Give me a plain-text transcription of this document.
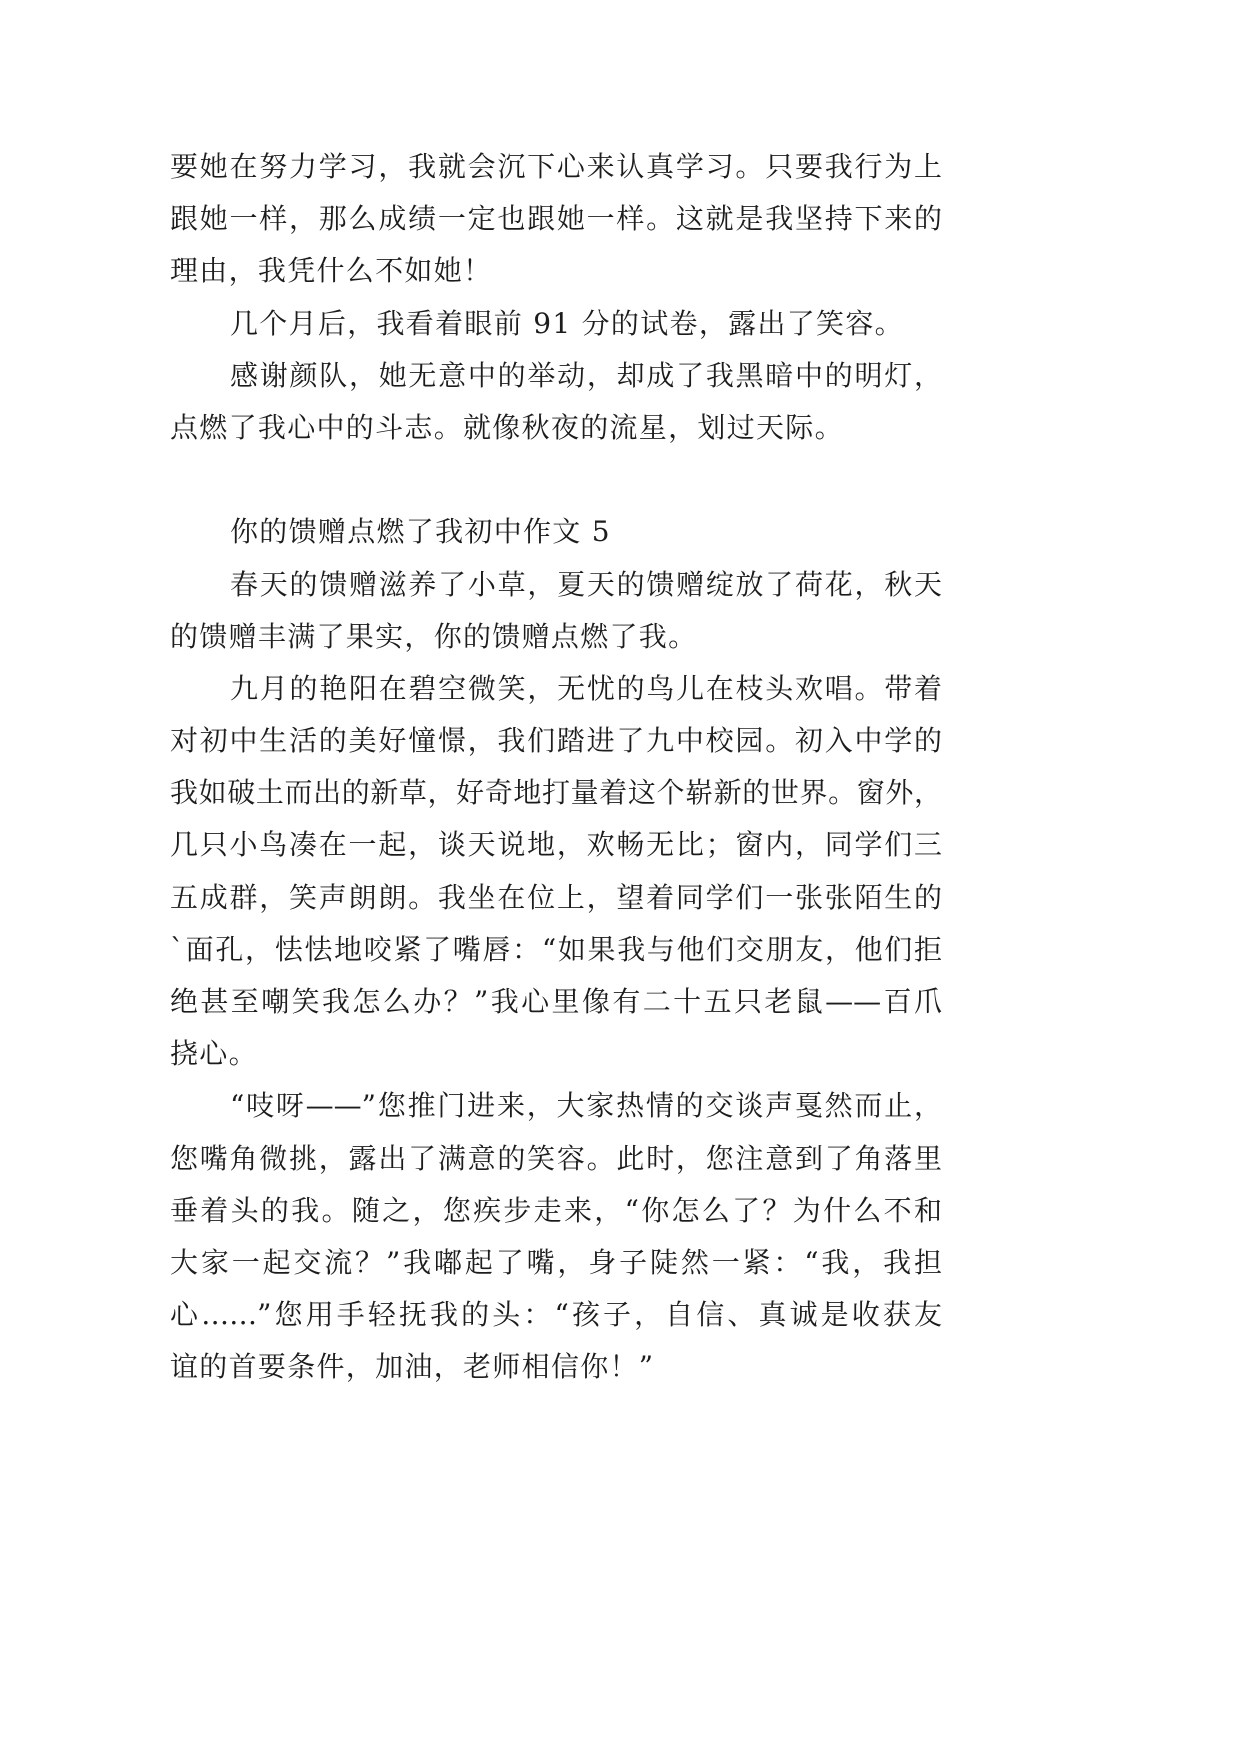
要她在努力学习，我就会沉下心来认真学习。只要我行为上
跟她一样，那么成绩一定也跟她一样。这就是我坚持下来的
理由，我凭什么不如她！
几个月后，我看着眼前 91 分的试卷，露出了笑容。
感谢颜队，她无意中的举动，却成了我黑暗中的明灯，
点燃了我心中的斗志。就像秋夜的流星，划过天际。
你的馈赠点燃了我初中作文 5
春天的馈赠滋养了小草，夏天的馈赠绽放了荷花，秋天
的馈赠丰满了果实，你的馈赠点燃了我。
九月的艳阳在碧空微笑，无忧的鸟儿在枝头欢唱。带着
对初中生活的美好憧憬，我们踏进了九中校园。初入中学的
我如破土而出的新草，好奇地打量着这个崭新的世界。窗外，
几只小鸟凑在一起，谈天说地，欢畅无比；窗内，同学们三
五成群，笑声朗朗。我坐在位上，望着同学们一张张陌生的
`面孔，怯怯地咬紧了嘴唇：“如果我与他们交朋友，他们拒
绝甚至嘲笑我怎么办？”我心里像有二十五只老鼠——百爪
挠心。
“吱呀——”您推门进来，大家热情的交谈声戛然而止，
您嘴角微挑，露出了满意的笑容。此时，您注意到了角落里
垂着头的我。随之，您疾步走来，“你怎么了？为什么不和
大家一起交流？”我嘟起了嘴，身子陡然一紧：“我，我担
心……”您用手轻抚我的头：“孩子，自信、真诚是收获友
谊的首要条件，加油，老师相信你！”
